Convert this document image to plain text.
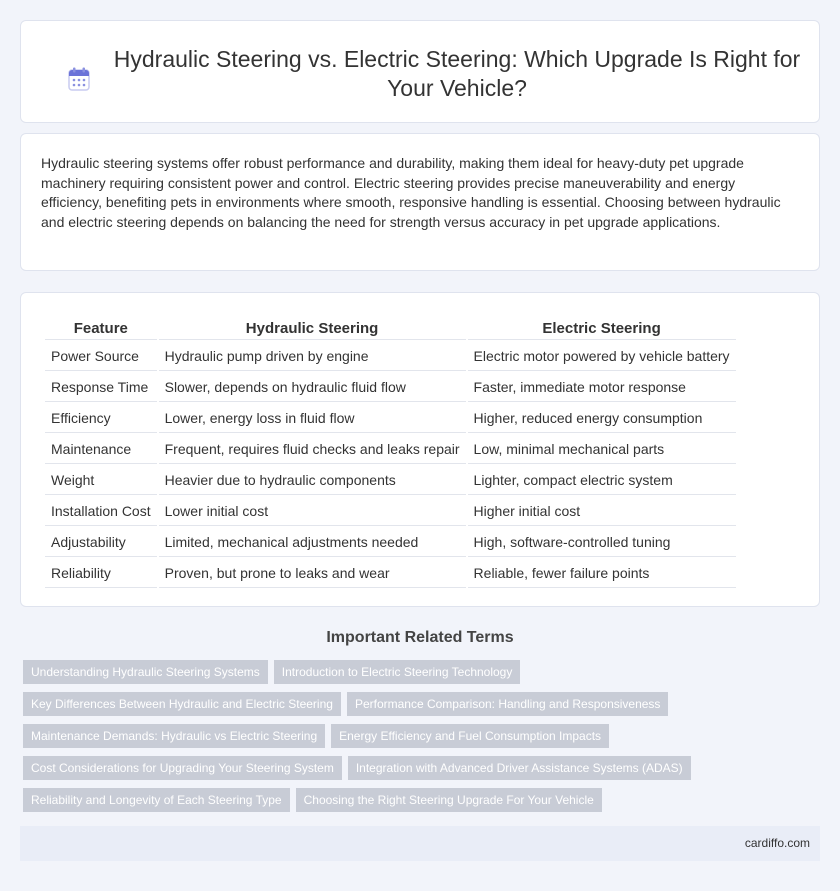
Hydraulic Steering vs. Electric Steering: Which Upgrade Is Right for Your Vehicle?

Hydraulic steering systems offer robust performance and durability, making them ideal for heavy-duty pet upgrade machinery requiring consistent power and control. Electric steering provides precise maneuverability and energy efficiency, benefiting pets in environments where smooth, responsive handling is essential. Choosing between hydraulic and electric steering depends on balancing the need for strength versus accuracy in pet upgrade applications.

Feature	Hydraulic Steering	Electric Steering
Power Source	Hydraulic pump driven by engine	Electric motor powered by vehicle battery
Response Time	Slower, depends on hydraulic fluid flow	Faster, immediate motor response
Efficiency	Lower, energy loss in fluid flow	Higher, reduced energy consumption
Maintenance	Frequent, requires fluid checks and leaks repair	Low, minimal mechanical parts
Weight	Heavier due to hydraulic components	Lighter, compact electric system
Installation Cost	Lower initial cost	Higher initial cost
Adjustability	Limited, mechanical adjustments needed	High, software-controlled tuning
Reliability	Proven, but prone to leaks and wear	Reliable, fewer failure points
Important Related Terms
Understanding Hydraulic Steering Systems	Introduction to Electric Steering Technology
Key Differences Between Hydraulic and Electric Steering	Performance Comparison: Handling and Responsiveness
Maintenance Demands: Hydraulic vs Electric Steering	Energy Efficiency and Fuel Consumption Impacts
Cost Considerations for Upgrading Your Steering System	Integration with Advanced Driver Assistance Systems (ADAS)
Reliability and Longevity of Each Steering Type	Choosing the Right Steering Upgrade For Your Vehicle
cardiffo.com
